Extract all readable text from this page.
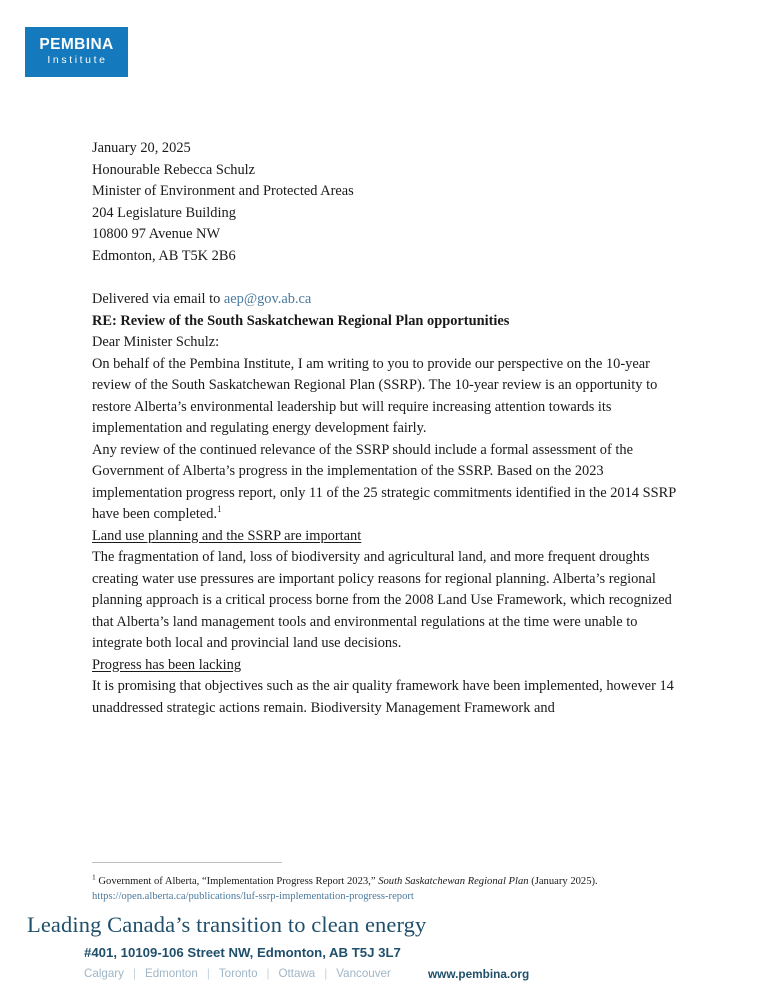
PEMBINA
Institute

January 20, 2025

Honourable Rebecca Schulz
Minister of Environment and Protected Areas
204 Legislature Building
10800 97 Avenue NW
Edmonton, AB T5K 2B6

Delivered via email to aep@gov.ab.ca

RE: Review of the South Saskatchewan Regional Plan opportunities

Dear Minister Schulz:

On behalf of the Pembina Institute, I am writing to you to provide our perspective on the 10-year review of the South Saskatchewan Regional Plan (SSRP). The 10-year review is an opportunity to restore Alberta’s environmental leadership but will require increasing attention towards its implementation and regulating energy development fairly.

Any review of the continued relevance of the SSRP should include a formal assessment of the Government of Alberta’s progress in the implementation of the SSRP. Based on the 2023 implementation progress report, only 11 of the 25 strategic commitments identified in the 2014 SSRP have been completed.$^1$

Land use planning and the SSRP are important

The fragmentation of land, loss of biodiversity and agricultural land, and more frequent droughts creating water use pressures are important policy reasons for regional planning. Alberta’s regional planning approach is a critical process borne from the 2008 Land Use Framework, which recognized that Alberta’s land management tools and environmental regulations at the time were unable to integrate both local and provincial land use decisions.

Progress has been lacking

It is promising that objectives such as the air quality framework have been implemented, however 14 unaddressed strategic actions remain. Biodiversity Management Framework and

$^1$ Government of Alberta, “Implementation Progress Report 2023,” South Saskatchewan Regional Plan (January 2025). https://open.alberta.ca/publications/luf-ssrp-implementation-progress-report
Leading Canada’s transition to clean energy
#401, 10109-106 Street NW, Edmonton, AB T5J 3L7
Calgary | Edmonton | Toronto | Ottawa | Vancouver	www.pembina.org
